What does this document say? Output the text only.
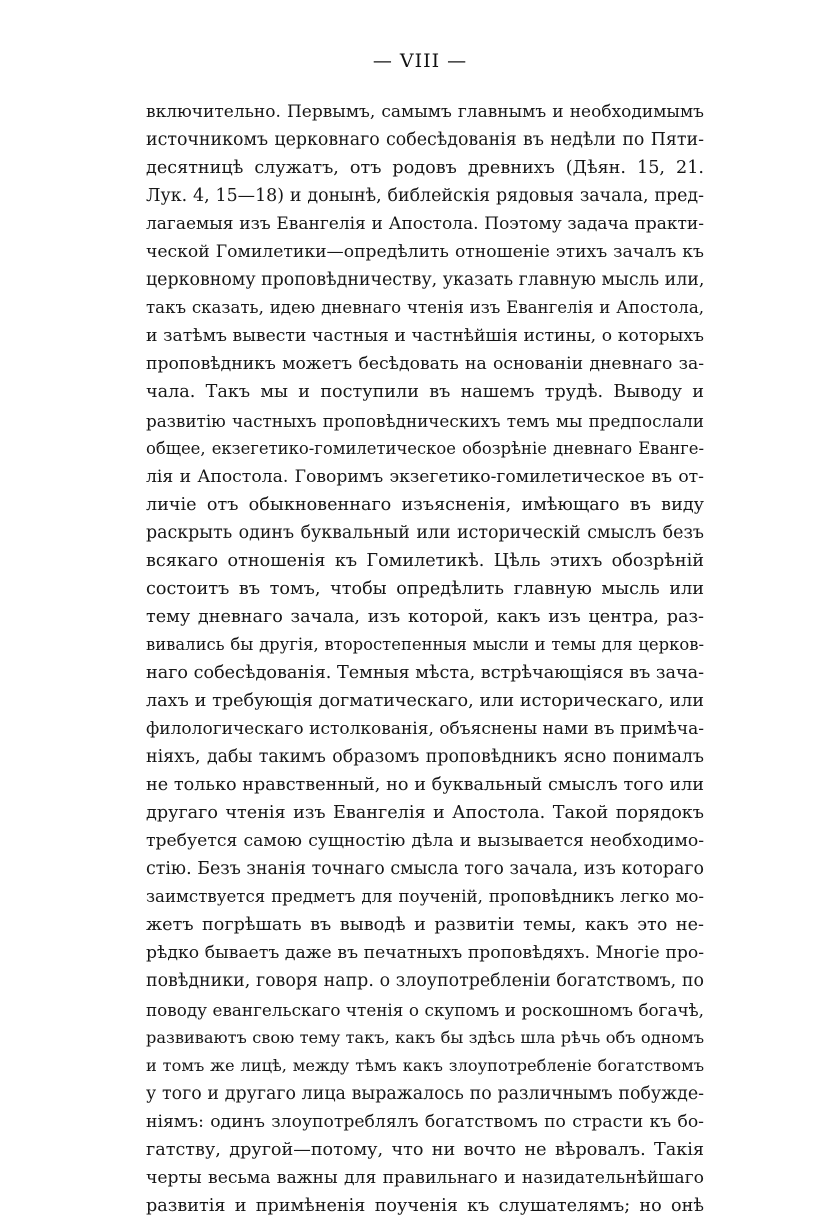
— VIII —
включительно. Первымъ, самымъ главнымъ и необходимымъ
источникомъ церковнаго собесѣдованія въ недѣли по Пяти-
десятницѣ служатъ, отъ родовъ древнихъ (Дѣян. 15, 21.
Лук. 4, 15—18) и донынѣ, библейскія рядовыя зачала, пред-
лагаемыя изъ Евангелія и Апостола. Поэтому задача практи-
ческой Гомилетики—опредѣлить отношеніе этихъ зачалъ къ
церковному проповѣдничеству, указать главную мысль или,
такъ сказать, идею дневнаго чтенія изъ Евангелія и Апостола,
и затѣмъ вывести частныя и частнѣйшія истины, о которыхъ
проповѣдникъ можетъ бесѣдовать на основаніи дневнаго за-
чала. Такъ мы и поступили въ нашемъ трудѣ. Выводу и
развитію частныхъ проповѣдническихъ темъ мы предпослали
общее, екзегетико-гомилетическое обозрѣніе дневнаго Еванге-
лія и Апостола. Говоримъ экзегетико-гомилетическое въ от-
личіе отъ обыкновеннаго изъясненія, имѣющаго въ виду
раскрыть одинъ буквальный или историческій смыслъ безъ
всякаго отношенія къ Гомилетикѣ. Цѣль этихъ обозрѣній
состоитъ въ томъ, чтобы опредѣлить главную мысль или
тему дневнаго зачала, изъ которой, какъ изъ центра, раз-
вивались бы другія, второстепенныя мысли и темы для церков-
наго собесѣдованія. Темныя мѣста, встрѣчающіяся въ зача-
лахъ и требующія догматическаго, или историческаго, или
филологическаго истолкованія, объяснены нами въ примѣча-
ніяхъ, дабы такимъ образомъ проповѣдникъ ясно понималъ
не только нравственный, но и буквальный смыслъ того или
другаго чтенія изъ Евангелія и Апостола. Такой порядокъ
требуется самою сущностію дѣла и вызывается необходимо-
стію. Безъ знанія точнаго смысла того зачала, изъ котораго
заимствуется предметъ для поученій, проповѣдникъ легко мо-
жетъ погрѣшать въ выводѣ и развитіи темы, какъ это не-
рѣдко бываетъ даже въ печатныхъ проповѣдяхъ. Многіе про-
повѣдники, говоря напр. о злоупотребленіи богатствомъ, по
поводу евангельскаго чтенія о скупомъ и роскошномъ богачѣ,
развиваютъ свою тему такъ, какъ бы здѣсь шла рѣчь объ одномъ
и томъ же лицѣ, между тѣмъ какъ злоупотребленіе богатствомъ
у того и другаго лица выражалось по различнымъ побужде-
ніямъ: одинъ злоупотреблялъ богатствомъ по страсти къ бо-
гатству, другой—потому, что ни вочто не вѣровалъ. Такія
черты весьма важны для правильнаго и назидательнѣйшаго
развитія и примѣненія поученія къ слушателямъ; но онѣ
